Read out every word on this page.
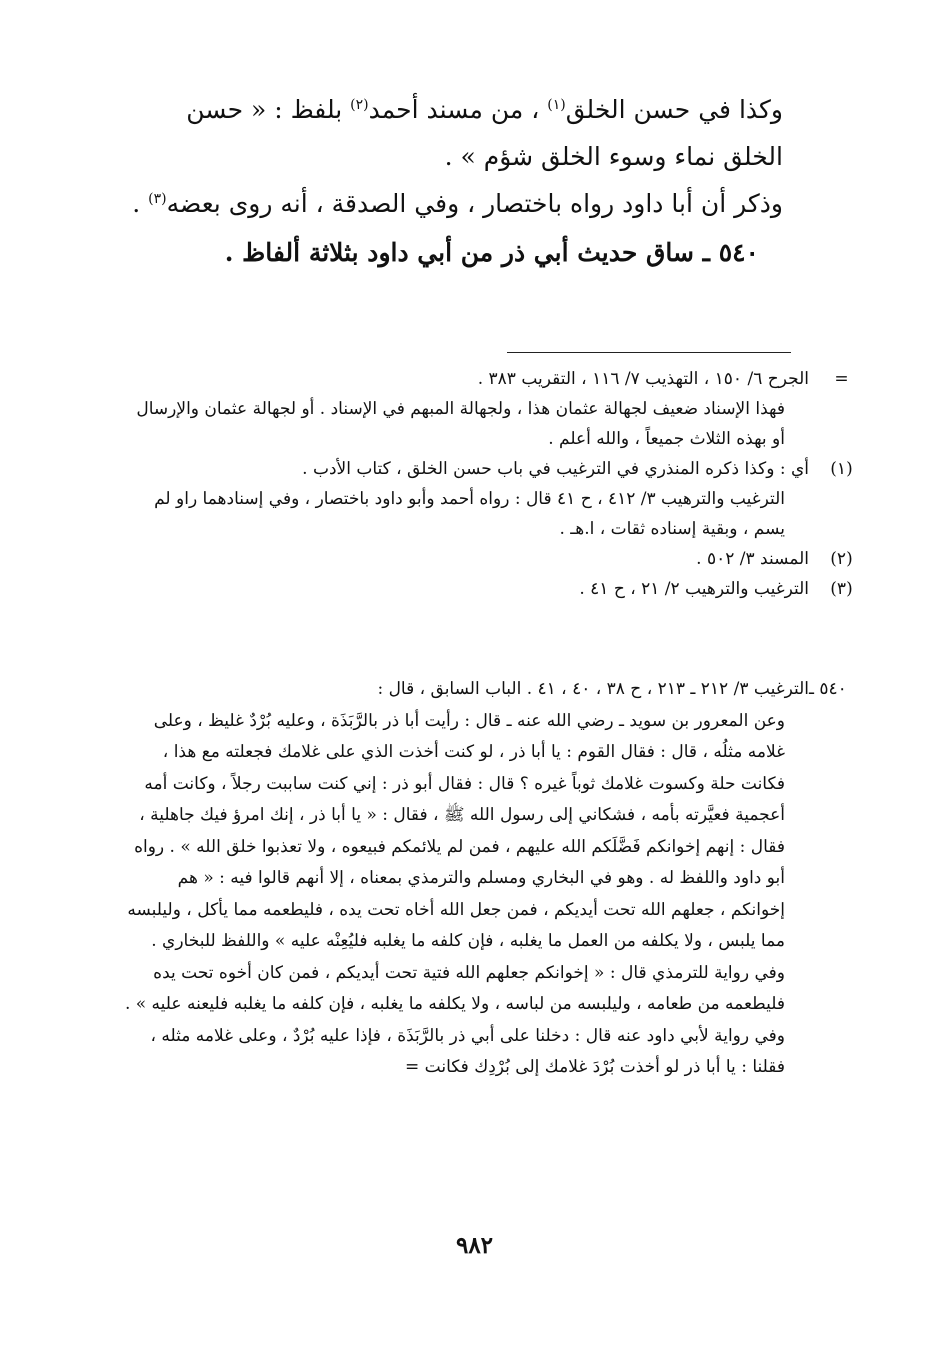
وكذا في حسن الخلق$^{(١)}$ ، من مسند أحمد$^{(٢)}$ بلفظ : « حسن الخلق نماء وسوء الخلق شؤم » .

وذكر أن أبا داود رواه باختصار ، وفي الصدقة ، أنه روى بعضه$^{(٣)}$ .

٥٤٠ ـ ساق حديث أبي ذر من أبي داود بثلاثة ألفاظ .

=
الجرح ٦/ ١٥٠ ، التهذيب ٧/ ١١٦ ، التقريب ٣٨٣ .
فهذا الإسناد ضعيف لجهالة عثمان هذا ، ولجهالة المبهم في الإسناد . أو لجهالة عثمان والإرسال أو بهذه الثلاث جميعاً ، والله أعلم .
(١)
أي : وكذا ذكره المنذري في الترغيب في باب حسن الخلق ، كتاب الأدب .
الترغيب والترهيب ٣/ ٤١٢ ، ح ٤١ قال : رواه أحمد وأبو داود باختصار ، وفي إسنادهما راو لم يسم ، وبقية إسناده ثقات ، ا.هـ .
(٢)
المسند ٣/ ٥٠٢ .
(٣)
الترغيب والترهيب ٢/ ٢١ ، ح ٤١ .
٥٤٠ ـ
الترغيب ٣/ ٢١٢ ـ ٢١٣ ، ح ٣٨ ، ٤٠ ، ٤١ . الباب السابق ، قال :
وعن المعرور بن سويد ـ رضي الله عنه ـ قال : رأيت أبا ذر بالرَّبَذَة ، وعليه بُرْدٌ غليظ ، وعلى غلامه مثلُه ، قال : فقال القوم : يا أبا ذر ، لو كنت أخذت الذي على غلامك فجعلته مع هذا ، فكانت حلة وكسوت غلامك ثوباً غيره ؟ قال : فقال أبو ذر : إني كنت ساببت رجلاً ، وكانت أمه أعجمية فعيَّرته بأمه ، فشكاني إلى رسول الله ﷺ ، فقال : « يا أبا ذر ، إنك امرؤ فيك جاهلية ، فقال : إنهم إخوانكم فَضَّلَكم الله عليهم ، فمن لم يلائمكم فبيعوه ، ولا تعذبوا خلق الله » . رواه أبو داود واللفظ له . وهو في البخاري ومسلم والترمذي بمعناه ، إلا أنهم قالوا فيه : « هم إخوانكم ، جعلهم الله تحت أيديكم ، فمن جعل الله أخاه تحت يده ، فليطعمه مما يأكل ، وليلبسه مما يلبس ، ولا يكلفه من العمل ما يغلبه ، فإن كلفه ما يغلبه فليُعِنْه عليه » واللفظ للبخاري .
وفي رواية للترمذي قال : « إخوانكم جعلهم الله فتية تحت أيديكم ، فمن كان أخوه تحت يده فليطعمه من طعامه ، وليلبسه من لباسه ، ولا يكلفه ما يغلبه ، فإن كلفه ما يغلبه فليعنه عليه » .
وفي رواية لأبي داود عنه قال : دخلنا على أبي ذر بالرَّبَذَة ، فإذا عليه بُرْدٌ ، وعلى غلامه مثله ، فقلنا : يا أبا ذر لو أخذت بُرْدَ غلامك إلى بُرْدِك فكانت =
٩٨٢
